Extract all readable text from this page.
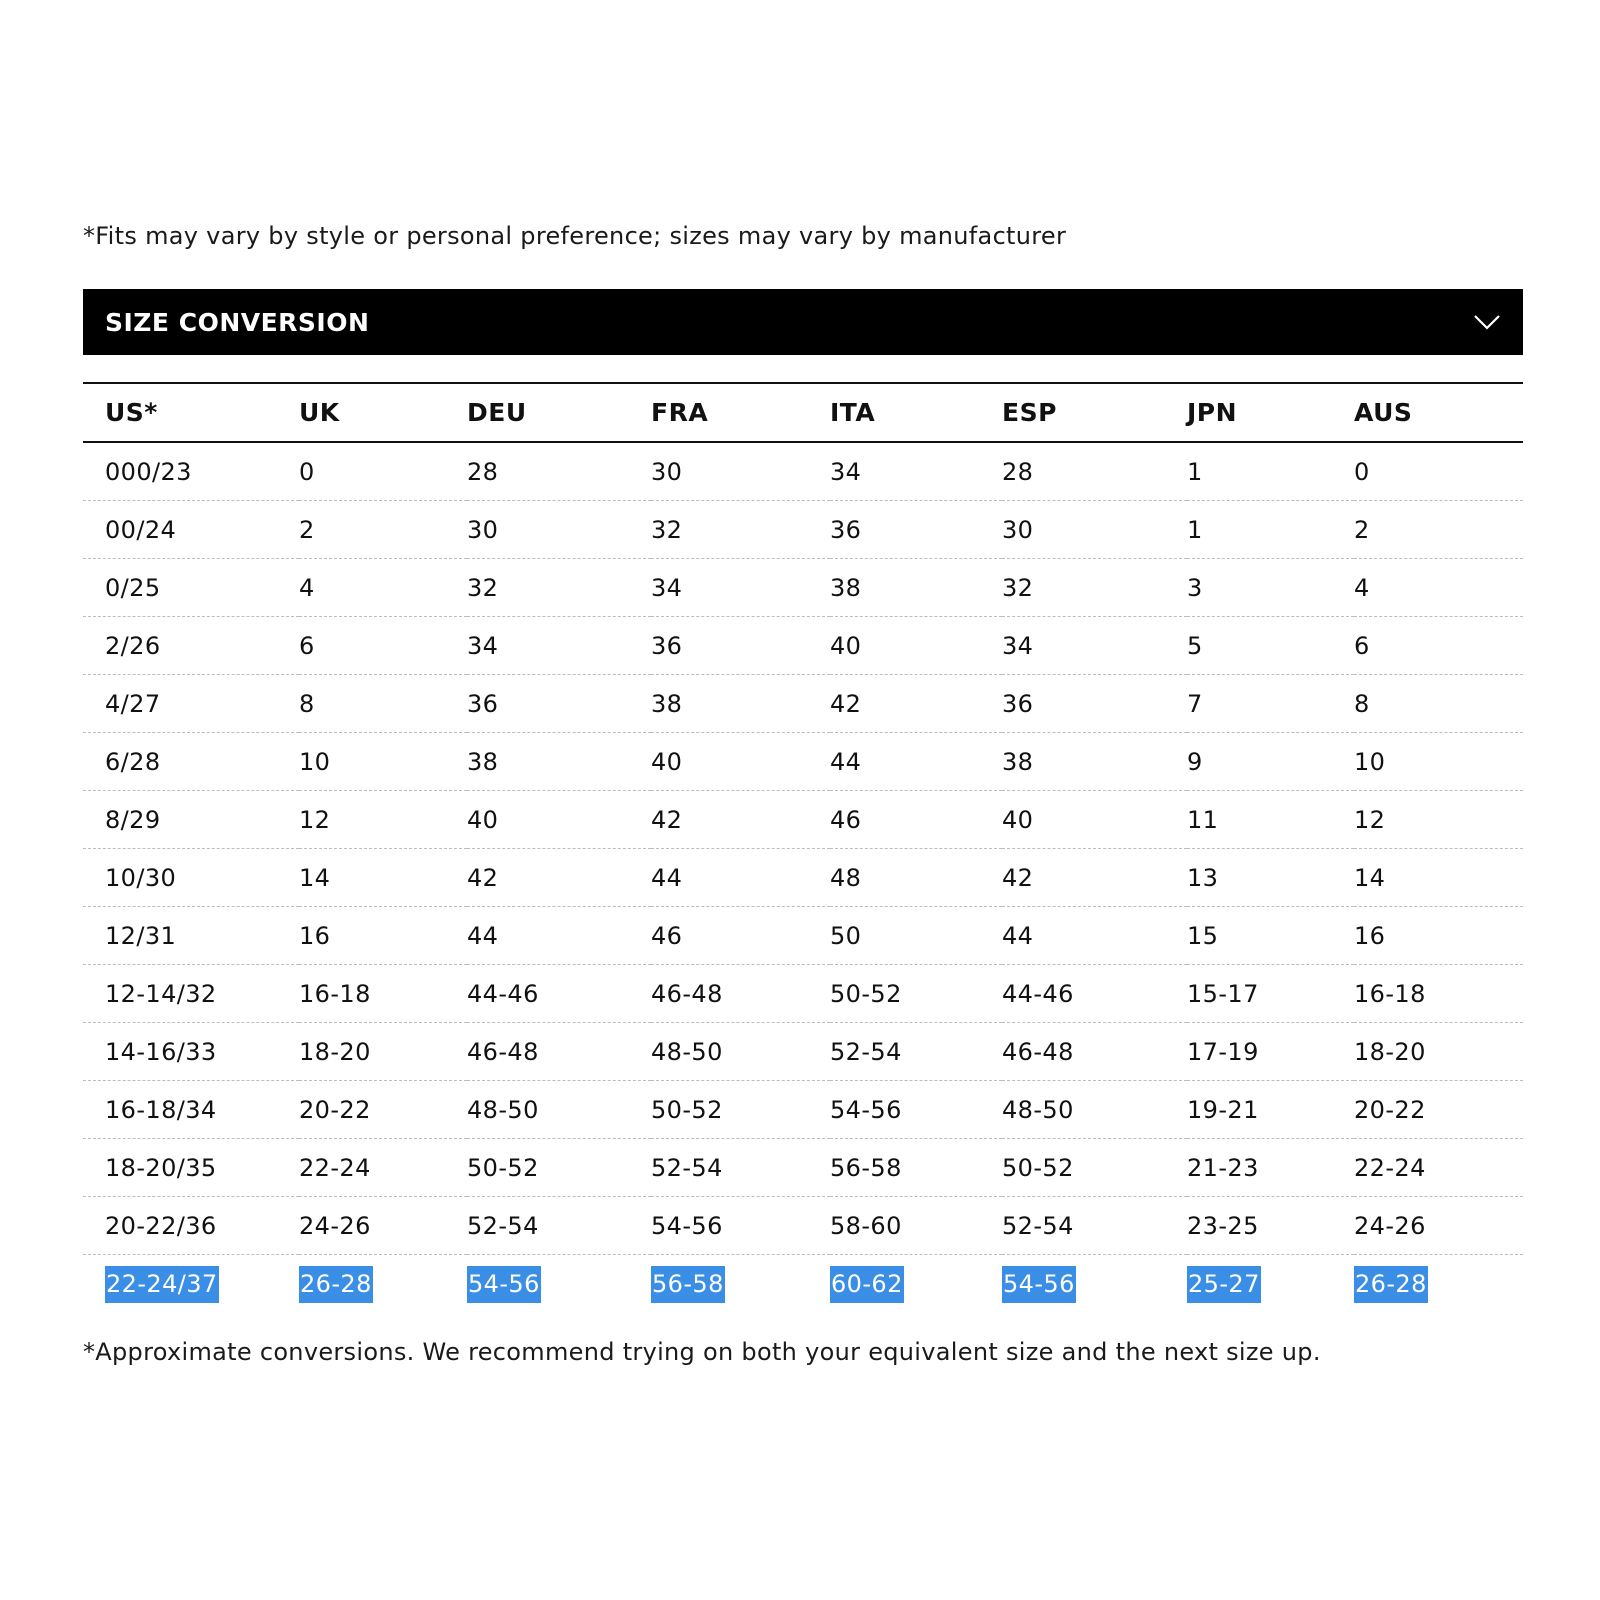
*Fits may vary by style or personal preference; sizes may vary by manufacturer
SIZE CONVERSION
US*	UK	DEU	FRA	ITA	ESP	JPN	AUS
000/23	0	28	30	34	28	1	0
00/24	2	30	32	36	30	1	2
0/25	4	32	34	38	32	3	4
2/26	6	34	36	40	34	5	6
4/27	8	36	38	42	36	7	8
6/28	10	38	40	44	38	9	10
8/29	12	40	42	46	40	11	12
10/30	14	42	44	48	42	13	14
12/31	16	44	46	50	44	15	16
12-14/32	16-18	44-46	46-48	50-52	44-46	15-17	16-18
14-16/33	18-20	46-48	48-50	52-54	46-48	17-19	18-20
16-18/34	20-22	48-50	50-52	54-56	48-50	19-21	20-22
18-20/35	22-24	50-52	52-54	56-58	50-52	21-23	22-24
20-22/36	24-26	52-54	54-56	58-60	52-54	23-25	24-26
22-24/37	26-28	54-56	56-58	60-62	54-56	25-27	26-28
*Approximate conversions. We recommend trying on both your equivalent size and the next size up.
